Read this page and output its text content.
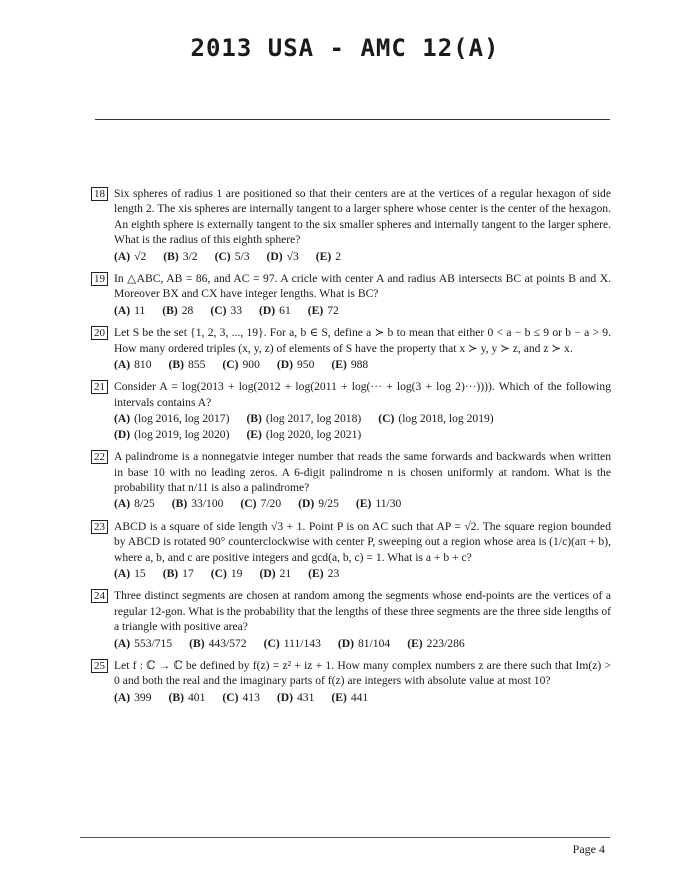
2013 USA - AMC 12(A)
18 Six spheres of radius 1 are positioned so that their centers are at the vertices of a regular hexagon of side length 2. The xis spheres are internally tangent to a larger sphere whose center is the center of the hexagon. An eighth sphere is externally tangent to the six smaller spheres and internally tangent to the larger sphere. What is the radius of this eighth sphere?
(A) √2 (B) 3/2 (C) 5/3 (D) √3 (E) 2
19 In △ABC, AB = 86, and AC = 97. A cricle with center A and radius AB intersects BC at points B and X. Moreover BX and CX have integer lengths. What is BC?
(A) 11 (B) 28 (C) 33 (D) 61 (E) 72
20 Let S be the set {1, 2, 3, ..., 19}. For a, b ∈ S, define a ≻ b to mean that either 0 < a − b ≤ 9 or b − a > 9. How many ordered triples (x, y, z) of elements of S have the property that x ≻ y, y ≻ z, and z ≻ x.
(A) 810 (B) 855 (C) 900 (D) 950 (E) 988
21 Consider A = log(2013 + log(2012 + log(2011 + log(··· + log(3 + log 2)···)))). Which of the following intervals contains A?
(A) (log 2016, log 2017) (B) (log 2017, log 2018) (C) (log 2018, log 2019)
(D) (log 2019, log 2020) (E) (log 2020, log 2021)
22 A palindrome is a nonnegatvie integer number that reads the same forwards and backwards when written in base 10 with no leading zeros. A 6-digit palindrome n is chosen uniformly at random. What is the probability that n/11 is also a palindrome?
(A) 8/25 (B) 33/100 (C) 7/20 (D) 9/25 (E) 11/30
23 ABCD is a square of side length √3 + 1. Point P is on AC such that AP = √2. The square region bounded by ABCD is rotated 90° counterclockwise with center P, sweeping out a region whose area is (1/c)(aπ + b), where a, b, and c are positive integers and gcd(a, b, c) = 1. What is a + b + c?
(A) 15 (B) 17 (C) 19 (D) 21 (E) 23
24 Three distinct segments are chosen at random among the segments whose end-points are the vertices of a regular 12-gon. What is the probability that the lengths of these three segments are the three side lengths of a triangle with positive area?
(A) 553/715 (B) 443/572 (C) 111/143 (D) 81/104 (E) 223/286
25 Let f : ℂ → ℂ be defined by f(z) = z² + iz + 1. How many complex numbers z are there such that Im(z) > 0 and both the real and the imaginary parts of f(z) are integers with absolute value at most 10?
(A) 399 (B) 401 (C) 413 (D) 431 (E) 441
Page 4
